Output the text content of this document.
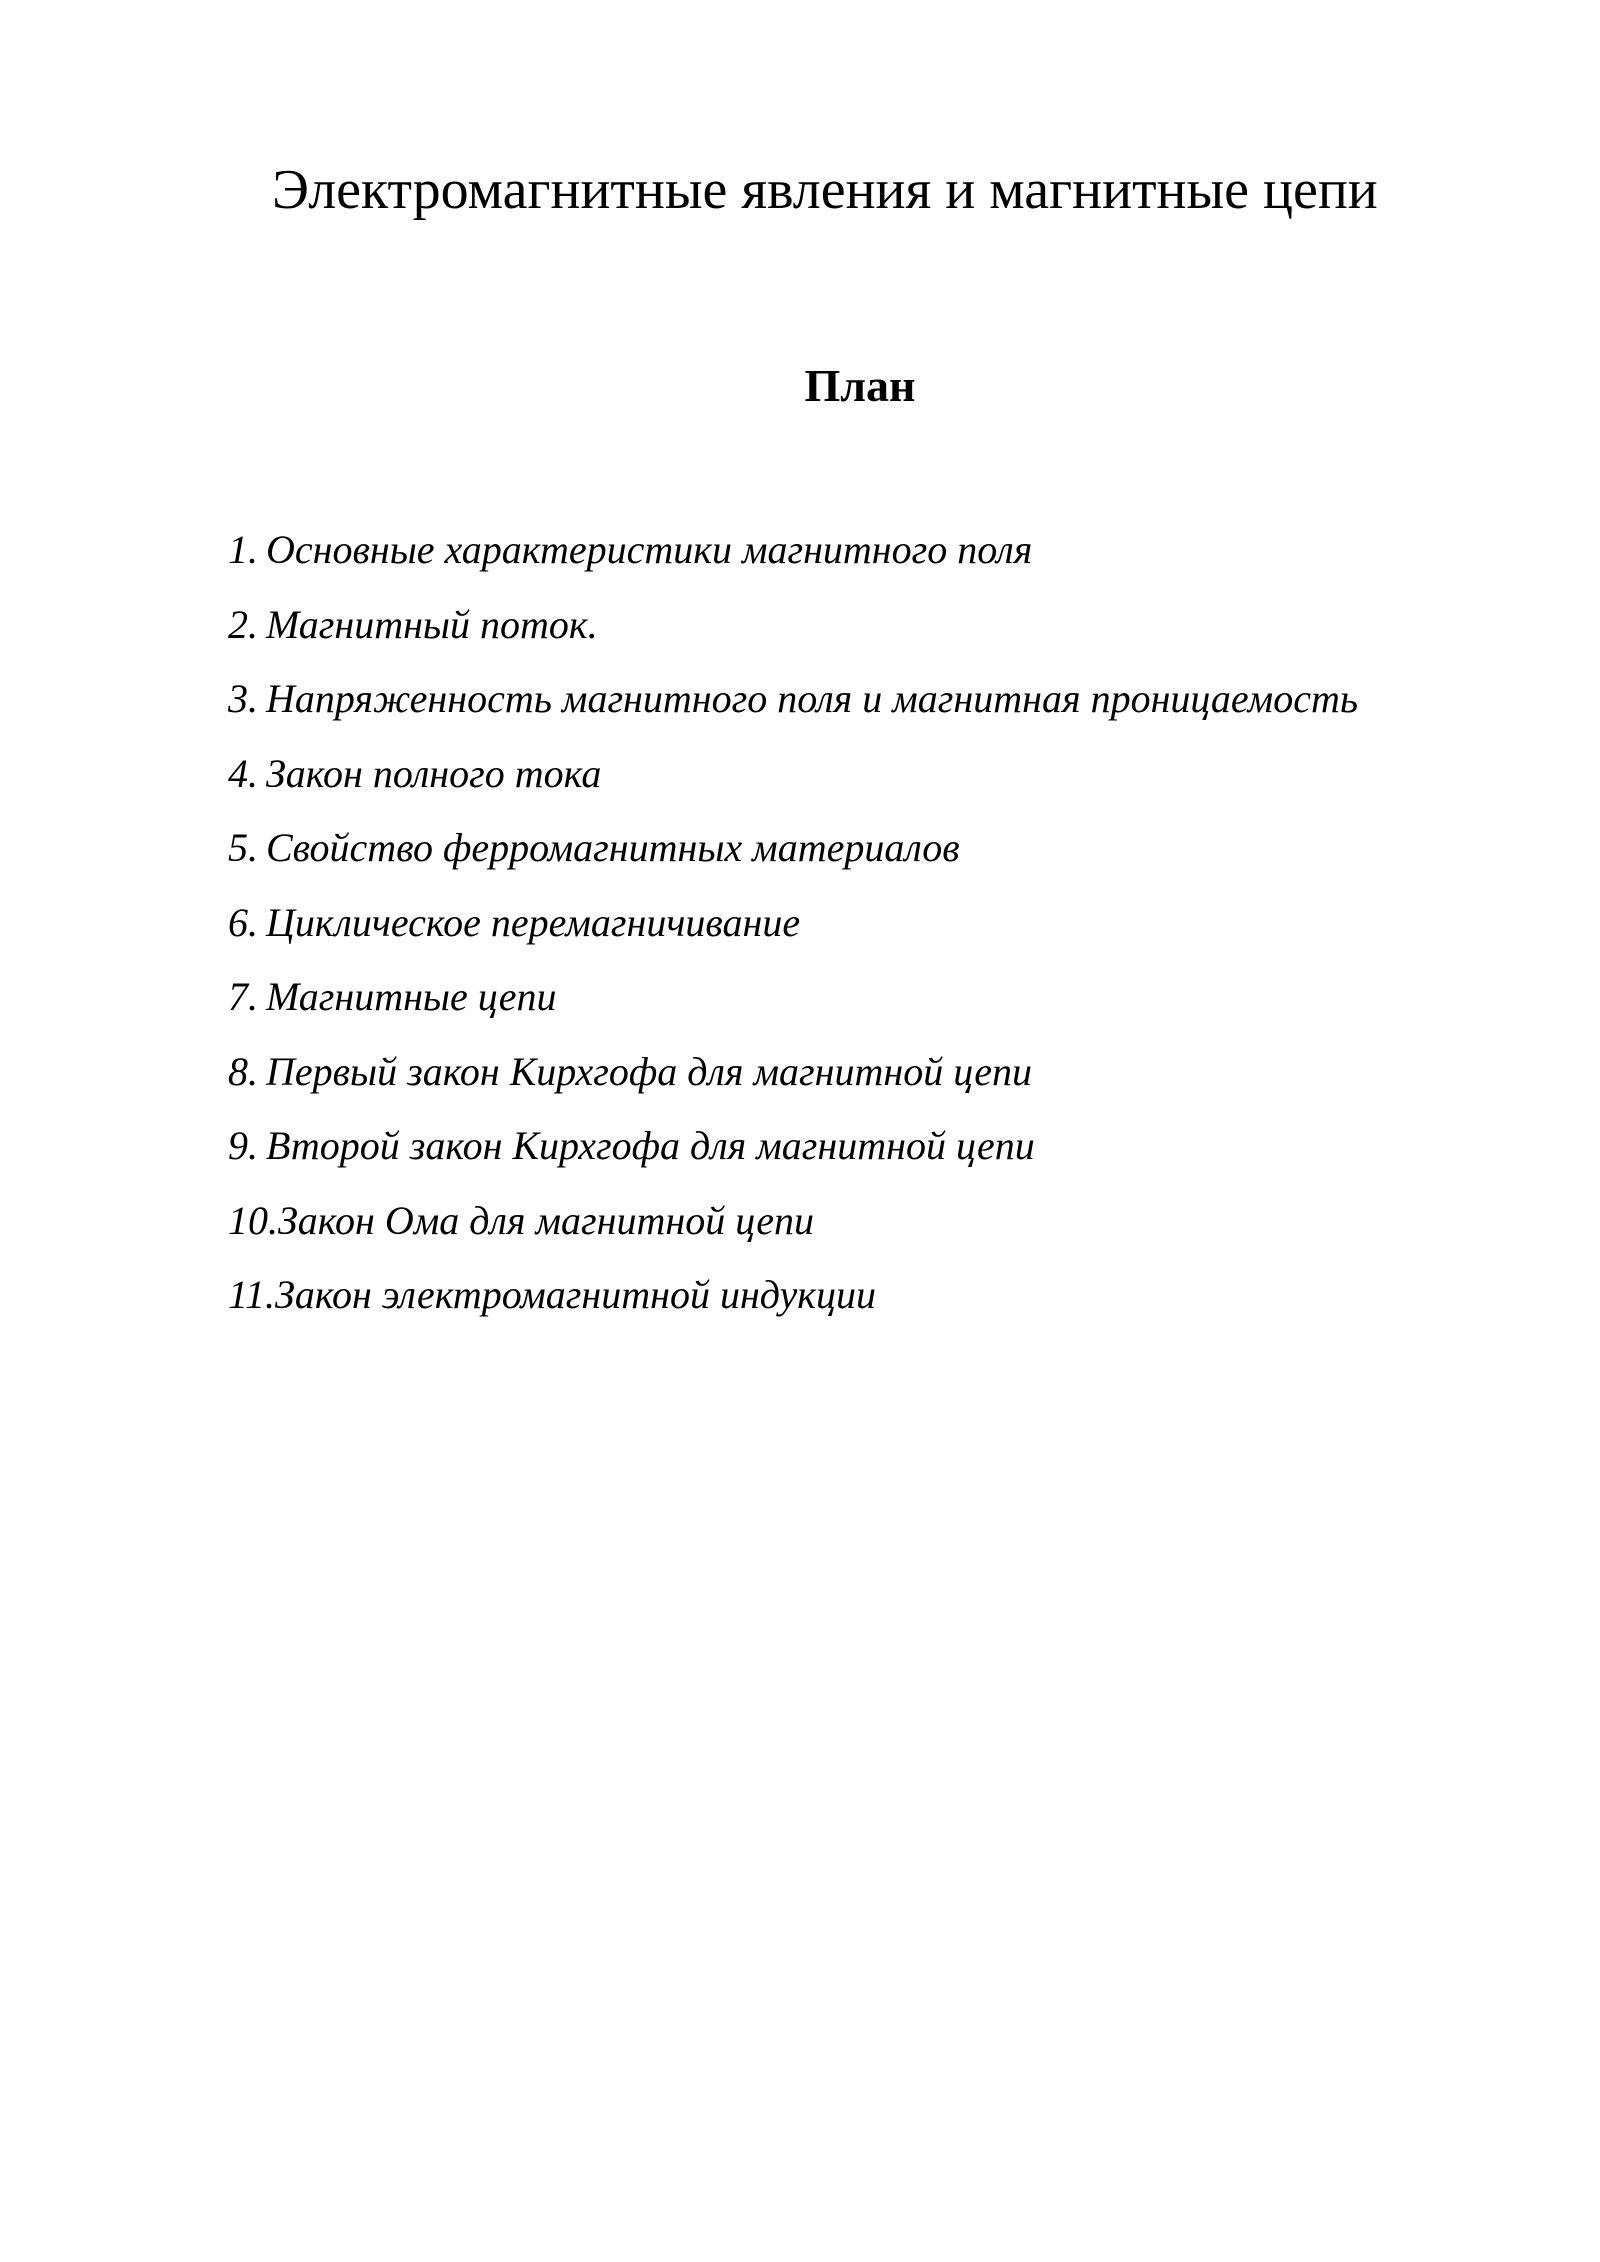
Электромагнитные явления и магнитные цепи
План
1. Основные характеристики магнитного поля
2. Магнитный поток.
3. Напряженность магнитного поля и магнитная проницаемость
4. Закон полного тока
5. Свойство ферромагнитных материалов
6. Циклическое перемагничивание
7. Магнитные цепи
8. Первый закон Кирхгофа для магнитной цепи
9. Второй закон Кирхгофа для магнитной цепи
10. Закон Ома для магнитной цепи
11. Закон электромагнитной индукции
